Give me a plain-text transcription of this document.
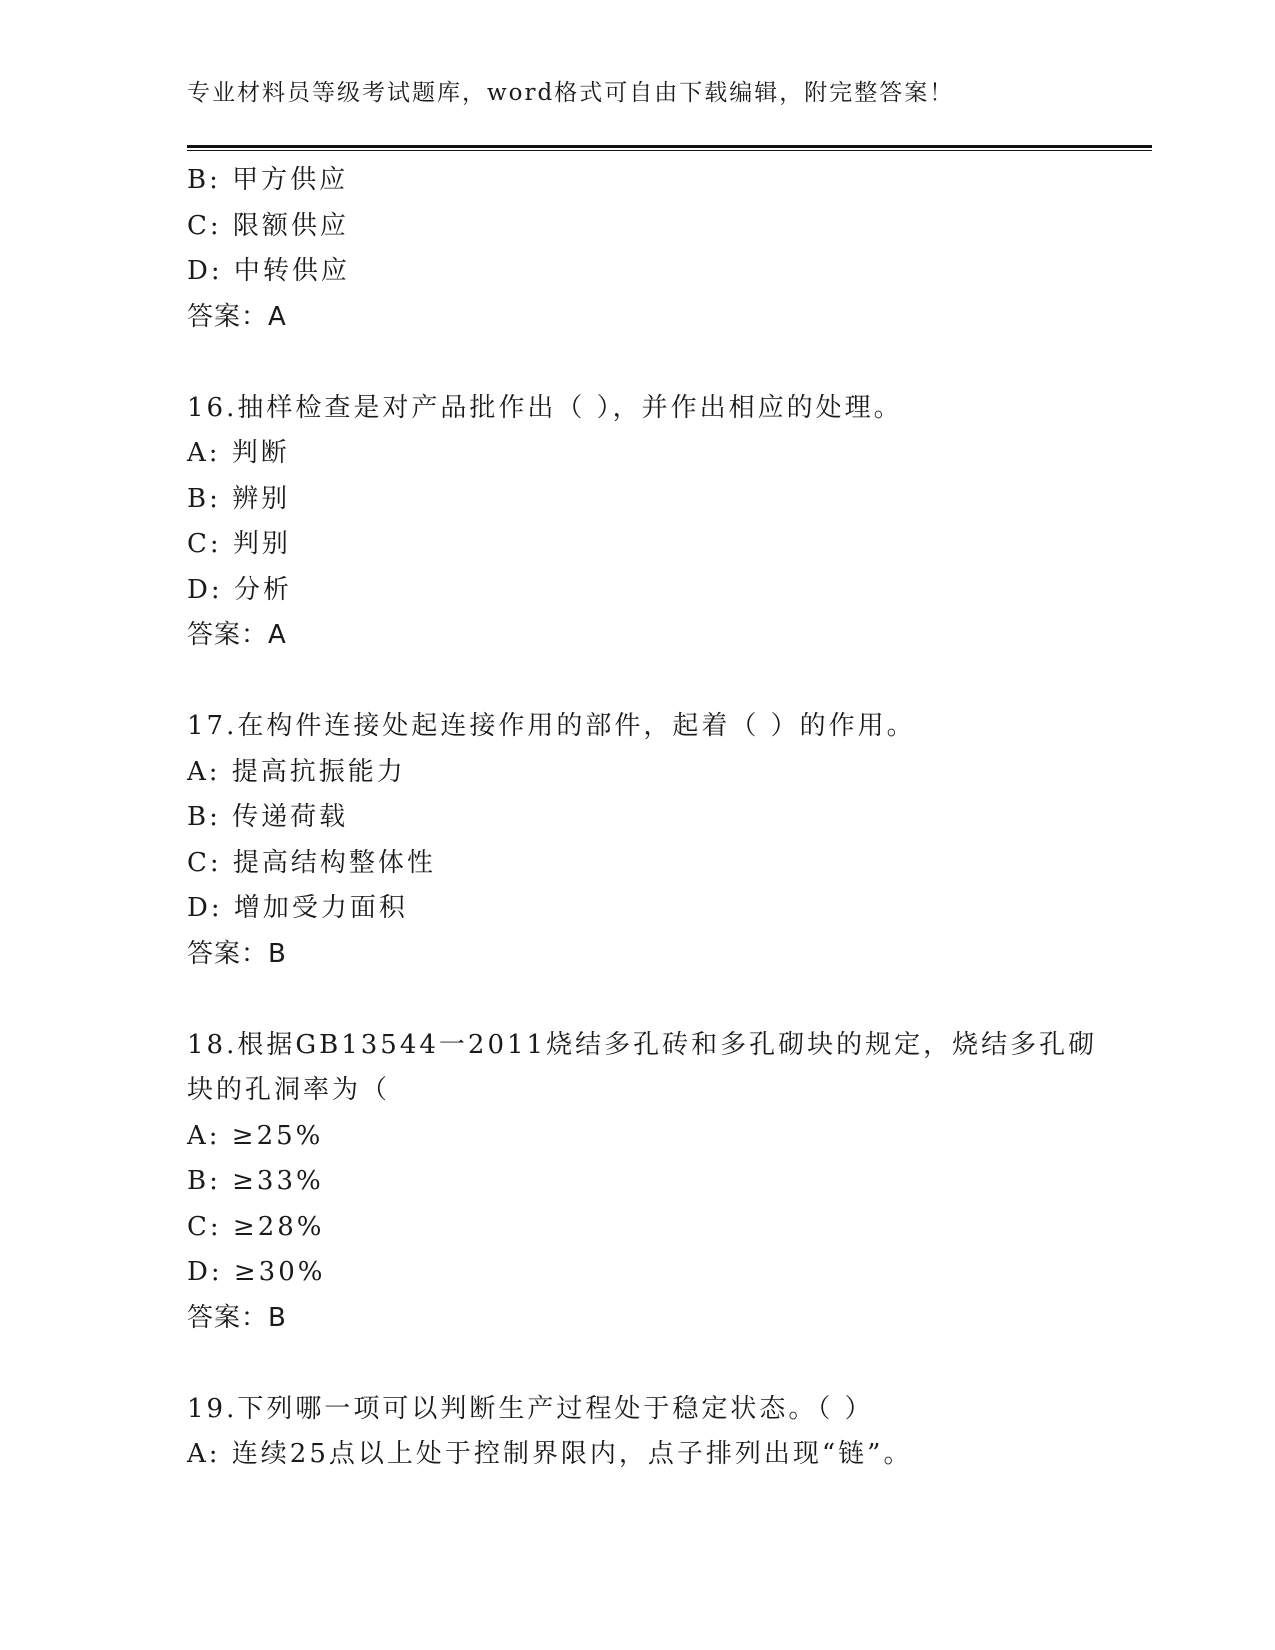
专业材料员等级考试题库，word格式可自由下载编辑，附完整答案！
B: 甲方供应
C: 限额供应
D: 中转供应
答案：A
16.抽样检查是对产品批作出（ ），并作出相应的处理。
A: 判断
B: 辨别
C: 判别
D: 分析
答案：A
17.在构件连接处起连接作用的部件，起着（ ）的作用。
A: 提高抗振能力
B: 传递荷载
C: 提高结构整体性
D: 增加受力面积
答案：B
18.根据GB13544一2011烧结多孔砖和多孔砌块的规定，烧结多孔砌
块的孔洞率为（
A: ≥25%
B: ≥33%
C: ≥28%
D: ≥30%
答案：B
19.下列哪一项可以判断生产过程处于稳定状态。（ ）
A: 连续25点以上处于控制界限内，点子排列出现“链”。
